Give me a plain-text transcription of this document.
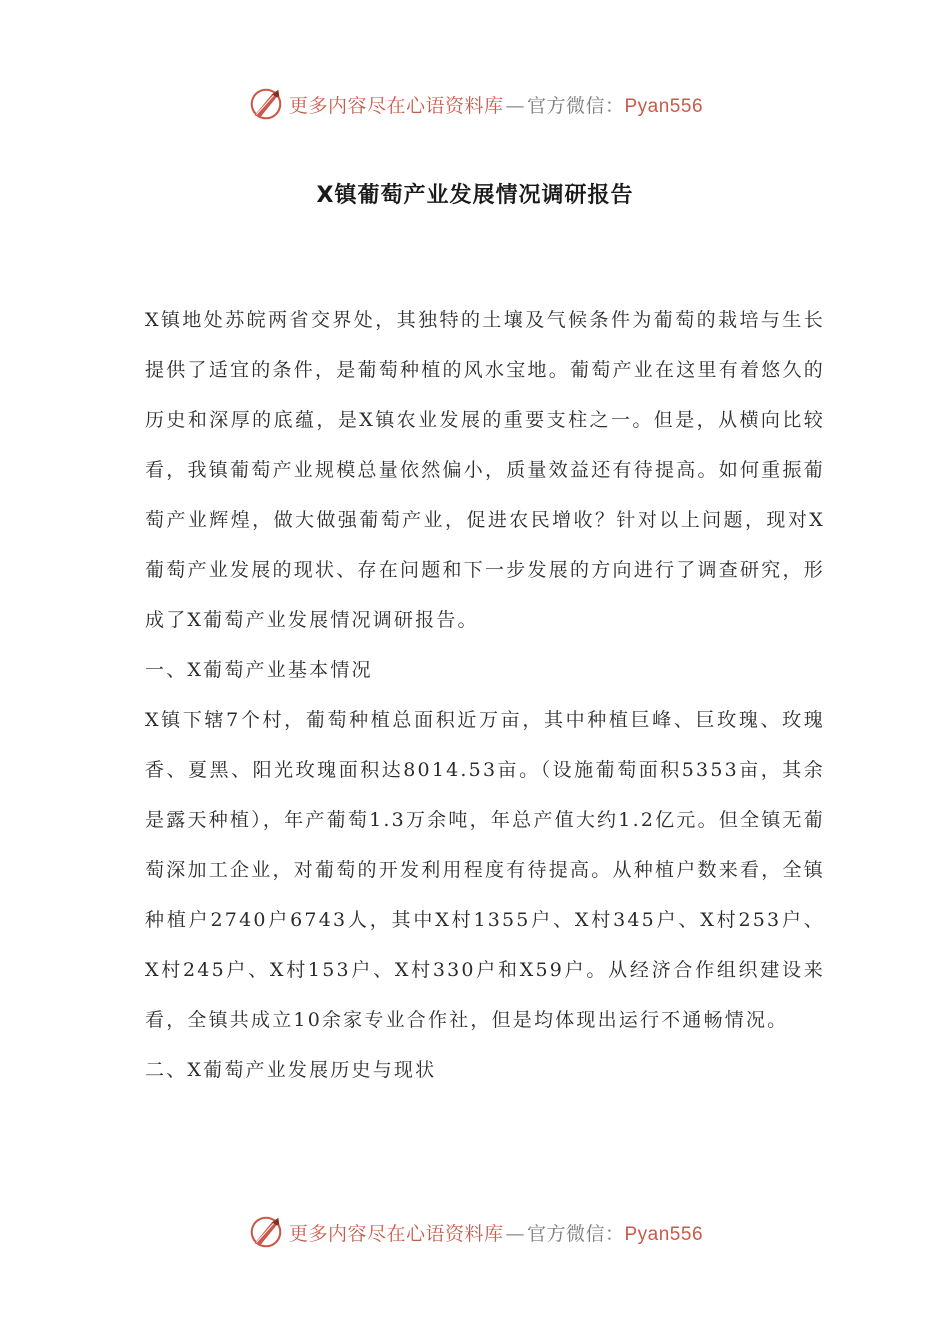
更多内容尽在心语资料库 — 官方微信：Pyan556
X镇葡萄产业发展情况调研报告

X镇地处苏皖两省交界处，其独特的土壤及气候条件为葡萄的栽培与生长提供了适宜的条件，是葡萄种植的风水宝地。葡萄产业在这里有着悠久的历史和深厚的底蕴，是X镇农业发展的重要支柱之一。但是，从横向比较看，我镇葡萄产业规模总量依然偏小，质量效益还有待提高。如何重振葡萄产业辉煌，做大做强葡萄产业，促进农民增收？针对以上问题，现对X葡萄产业发展的现状、存在问题和下一步发展的方向进行了调查研究，形成了X葡萄产业发展情况调研报告。

一、X葡萄产业基本情况

X镇下辖7个村，葡萄种植总面积近万亩，其中种植巨峰、巨玫瑰、玫瑰香、夏黑、阳光玫瑰面积达8014.53亩。（设施葡萄面积5353亩，其余是露天种植），年产葡萄1.3万余吨，年总产值大约1.2亿元。但全镇无葡萄深加工企业，对葡萄的开发利用程度有待提高。从种植户数来看，全镇种植户2740户6743人，其中X村1355户、X村345户、X村253户、X村245户、X村153户、X村330户和X59户。从经济合作组织建设来看，全镇共成立10余家专业合作社，但是均体现出运行不通畅情况。

二、X葡萄产业发展历史与现状

更多内容尽在心语资料库 — 官方微信：Pyan556
